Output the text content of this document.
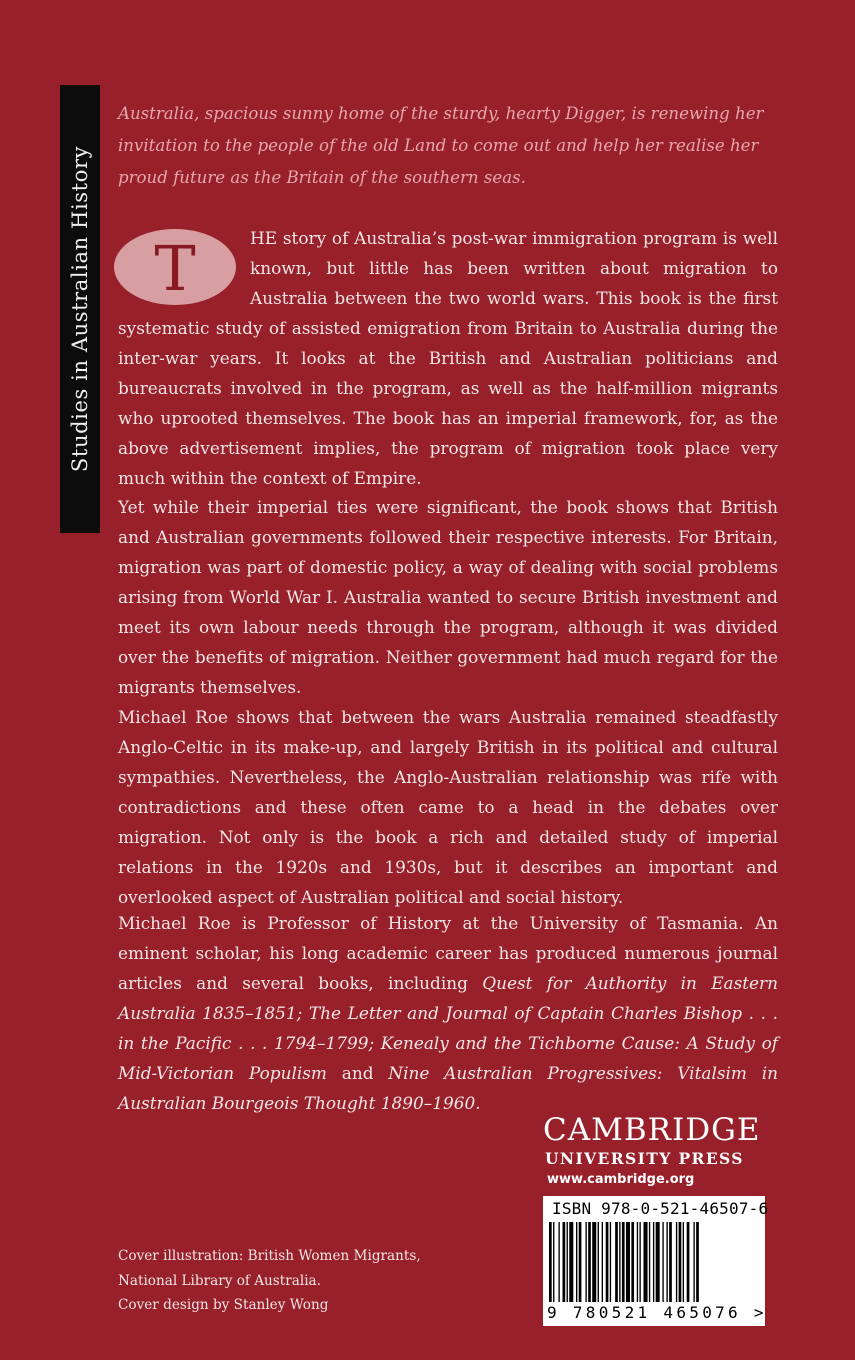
Studies in Australian History

Australia, spacious sunny home of the sturdy, hearty Digger, is renewing her invitation to the people of the old Land to come out and help her realise her proud future as the Britain of the southern seas.

T	HE story of Australia’s post-war immigration program is well known, but little has been written about migration to Australia between the two world wars. This book is the first systematic study of assisted emigration from Britain to Australia during the inter-war years. It looks at the British and Australian politicians and bureaucrats involved in the program, as well as the half-million migrants who uprooted themselves. The book has an imperial framework, for, as the above advertisement implies, the program of migration took place very much within the context of Empire.

Yet while their imperial ties were significant, the book shows that British and Australian governments followed their respective interests. For Britain, migration was part of domestic policy, a way of dealing with social problems arising from World War I. Australia wanted to secure British investment and meet its own labour needs through the program, although it was divided over the benefits of migration. Neither government had much regard for the migrants themselves.

Michael Roe shows that between the wars Australia remained steadfastly Anglo-Celtic in its make-up, and largely British in its political and cultural sympathies. Nevertheless, the Anglo-Australian relationship was rife with contradictions and these often came to a head in the debates over migration. Not only is the book a rich and detailed study of imperial relations in the 1920s and 1930s, but it describes an important and overlooked aspect of Australian political and social history.

Michael Roe is Professor of History at the University of Tasmania. An eminent scholar, his long academic career has produced numerous journal articles and several books, including Quest for Authority in Eastern Australia 1835–1851; The Letter and Journal of Captain Charles Bishop . . . in the Pacific . . . 1794–1799; Kenealy and the Tichborne Cause: A Study of Mid-Victorian Populism and Nine Australian Progressives: Vitalsim in Australian Bourgeois Thought 1890–1960.

CAMBRIDGE
UNIVERSITY PRESS
www.cambridge.org
ISBN 978-0-521-46507-6
9 780521 465076 >
Cover illustration: British Women Migrants,
National Library of Australia.
Cover design by Stanley Wong
